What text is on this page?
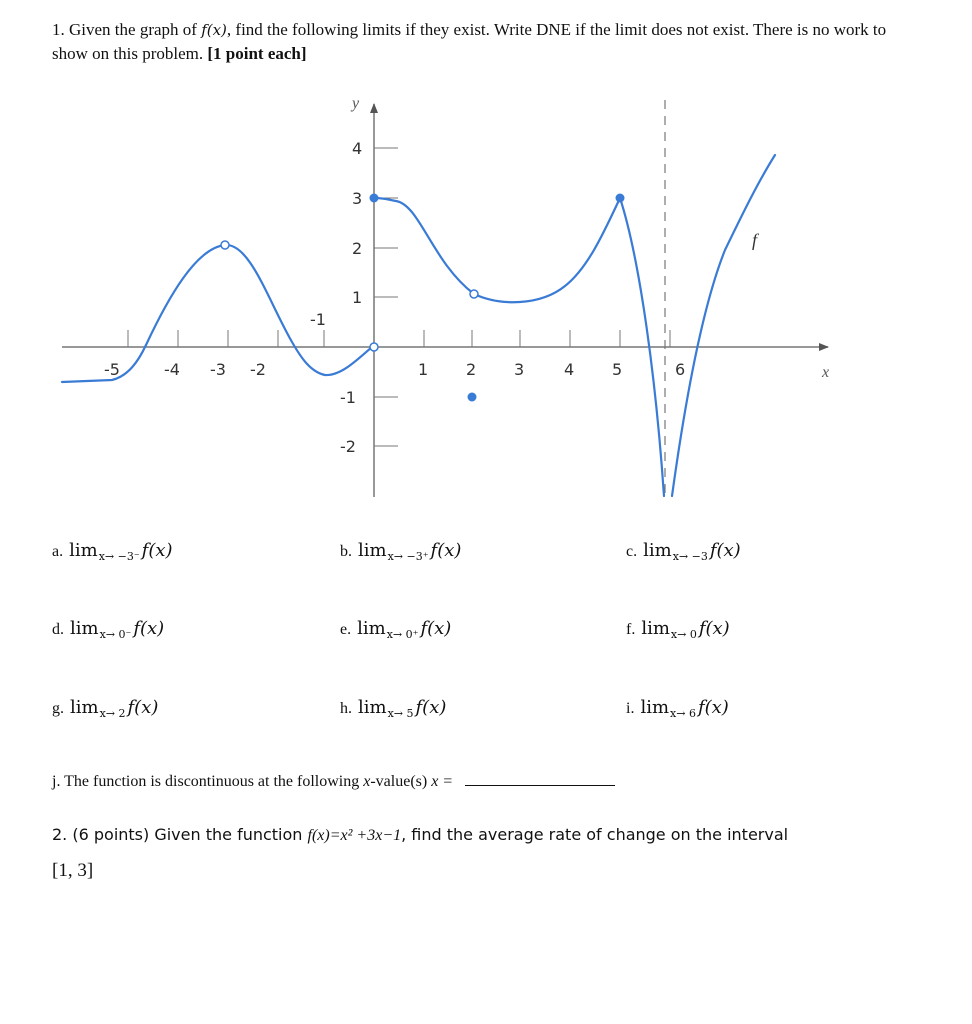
1. Given the graph of f(x), find the following limits if they exist. Write DNE if the limit does not exist. There is no work to show on this problem. [1 point each]
y
x
-5	-4 -3 -2
-1
1 2 3 4 5	6
4
3
2
1
-1
-2
f
a. $\lim_{x\to -3^-} f(x)$	b. $\lim_{x\to -3^+} f(x)$	c. $\lim_{x\to -3} f(x)$
d. $\lim_{x\to 0^-} f(x)$	e. $\lim_{x\to 0^+} f(x)$	f. $\lim_{x\to 0} f(x)$
g. $\lim_{x\to 2} f(x)$	h. $\lim_{x\to 5} f(x)$	i. $\lim_{x\to 6} f(x)$
j. The function is discontinuous at the following x-value(s) x =
2. (6 points) Given the function f(x)=x² +3x−1, find the average rate of change on the interval
[1, 3]
